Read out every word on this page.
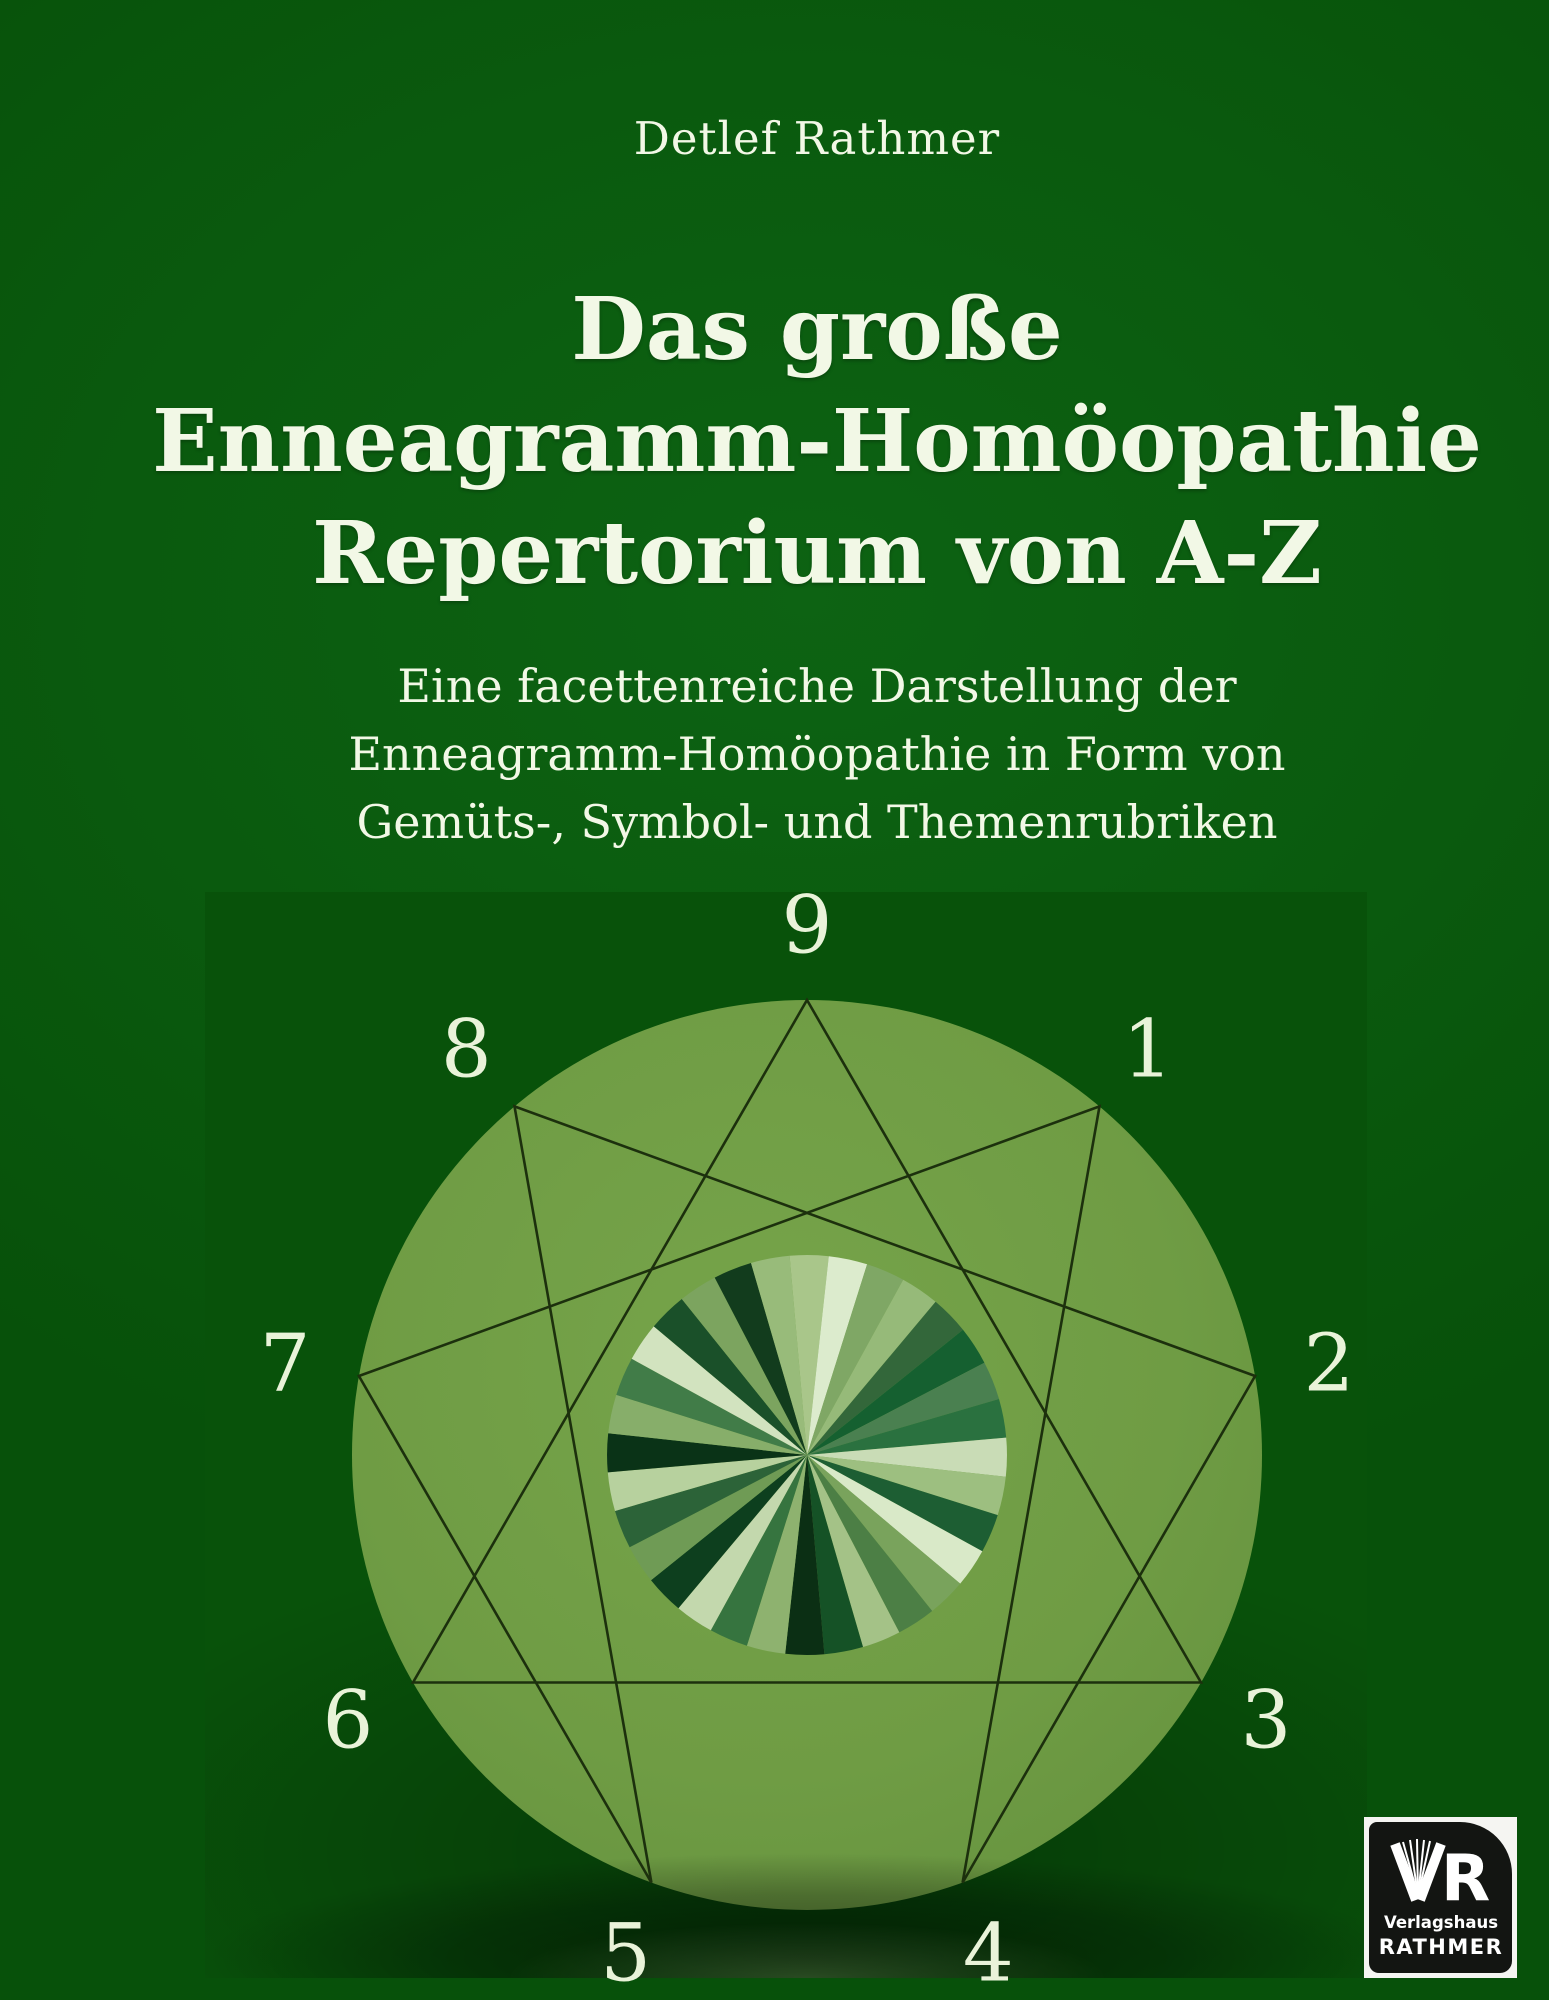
Detlef Rathmer
Das große
Enneagramm-Homöopathie
Repertorium von A-Z
Eine facettenreiche Darstellung der
Enneagramm-Homöopathie in Form von
Gemüts-, Symbol- und Themenrubriken
9
1
2
3
4
5
6
7
8
R
Verlagshaus
RATHMER
